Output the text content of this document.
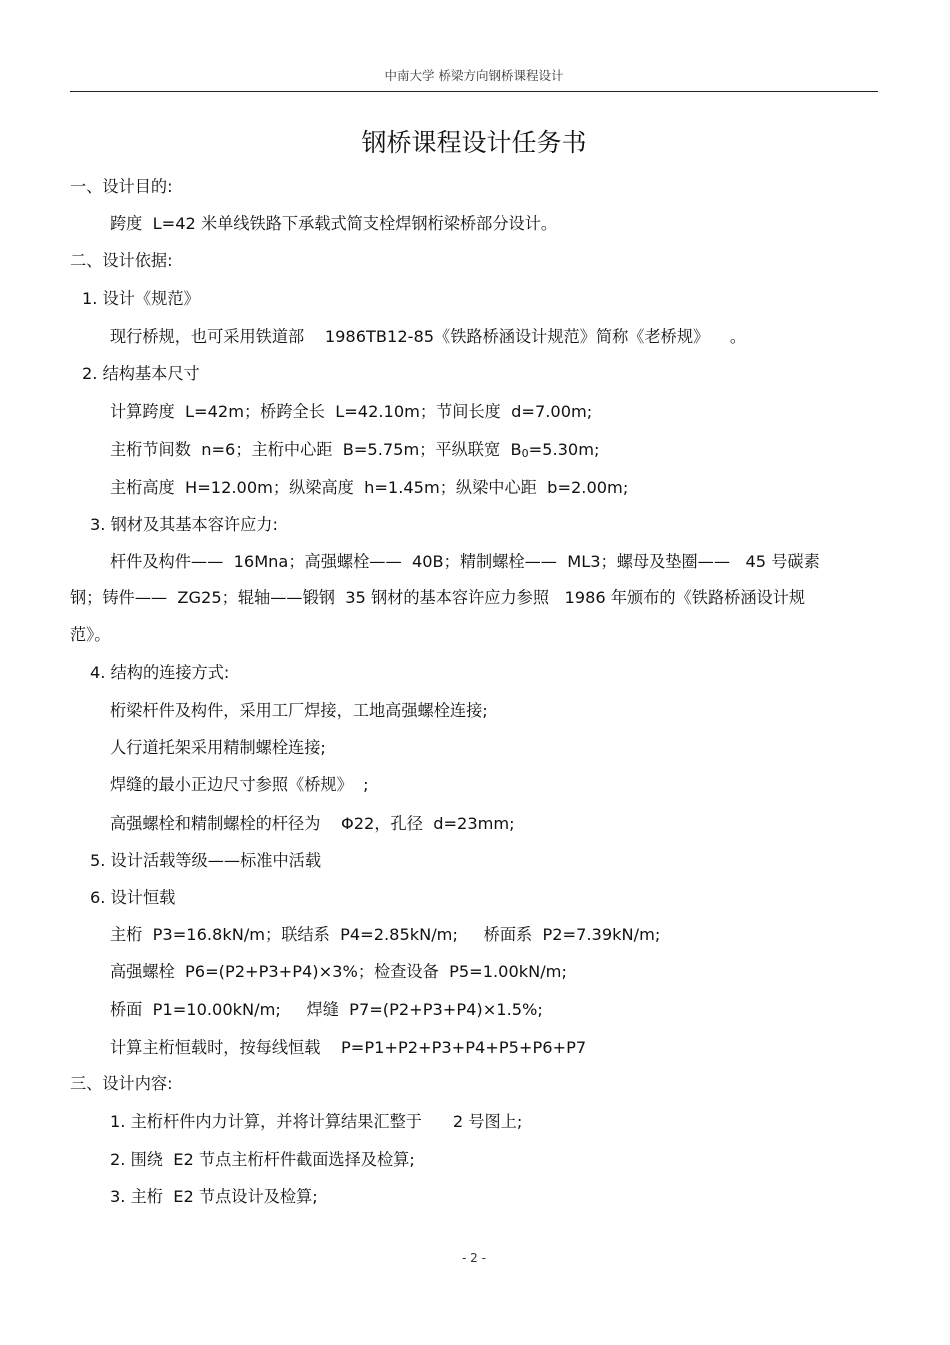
中南大学 桥梁方向钢桥课程设计
钢桥课程设计任务书
一、设计目的:
跨度  L=42 米单线铁路下承载式简支栓焊钢桁梁桥部分设计。
二、设计依据:
1. 设计《规范》
现行桥规，也可采用铁道部    1986TB12-85《铁路桥涵设计规范》简称《老桥规》    。
2. 结构基本尺寸
计算跨度  L=42m；桥跨全长  L=42.10m；节间长度  d=7.00m;
主桁节间数  n=6；主桁中心距  B=5.75m；平纵联宽  B0=5.30m;
主桁高度  H=12.00m；纵梁高度  h=1.45m；纵梁中心距  b=2.00m;
3. 钢材及其基本容许应力:
杆件及构件——  16Mna；高强螺栓——  40B；精制螺栓——  ML3；螺母及垫圈——   45 号碳素
钢；铸件——  ZG25；辊轴——锻钢  35 钢材的基本容许应力参照   1986 年颁布的《铁路桥涵设计规
范》。
4. 结构的连接方式:
桁梁杆件及构件，采用工厂焊接，工地高强螺栓连接;
人行道托架采用精制螺栓连接;
焊缝的最小正边尺寸参照《桥规》  ;
高强螺栓和精制螺栓的杆径为    Φ22，孔径  d=23mm;
5. 设计活载等级——标准中活载
6. 设计恒载
主桁  P3=16.8kN/m；联结系  P4=2.85kN/m;     桥面系  P2=7.39kN/m;
高强螺栓  P6=(P2+P3+P4)×3%；检查设备  P5=1.00kN/m;
桥面  P1=10.00kN/m;     焊缝  P7=(P2+P3+P4)×1.5%;
计算主桁恒载时，按每线恒载    P=P1+P2+P3+P4+P5+P6+P7
三、设计内容:
1. 主桁杆件内力计算，并将计算结果汇整于      2 号图上;
2. 围绕  E2 节点主桁杆件截面选择及检算;
3. 主桁  E2 节点设计及检算;
- 2 -
